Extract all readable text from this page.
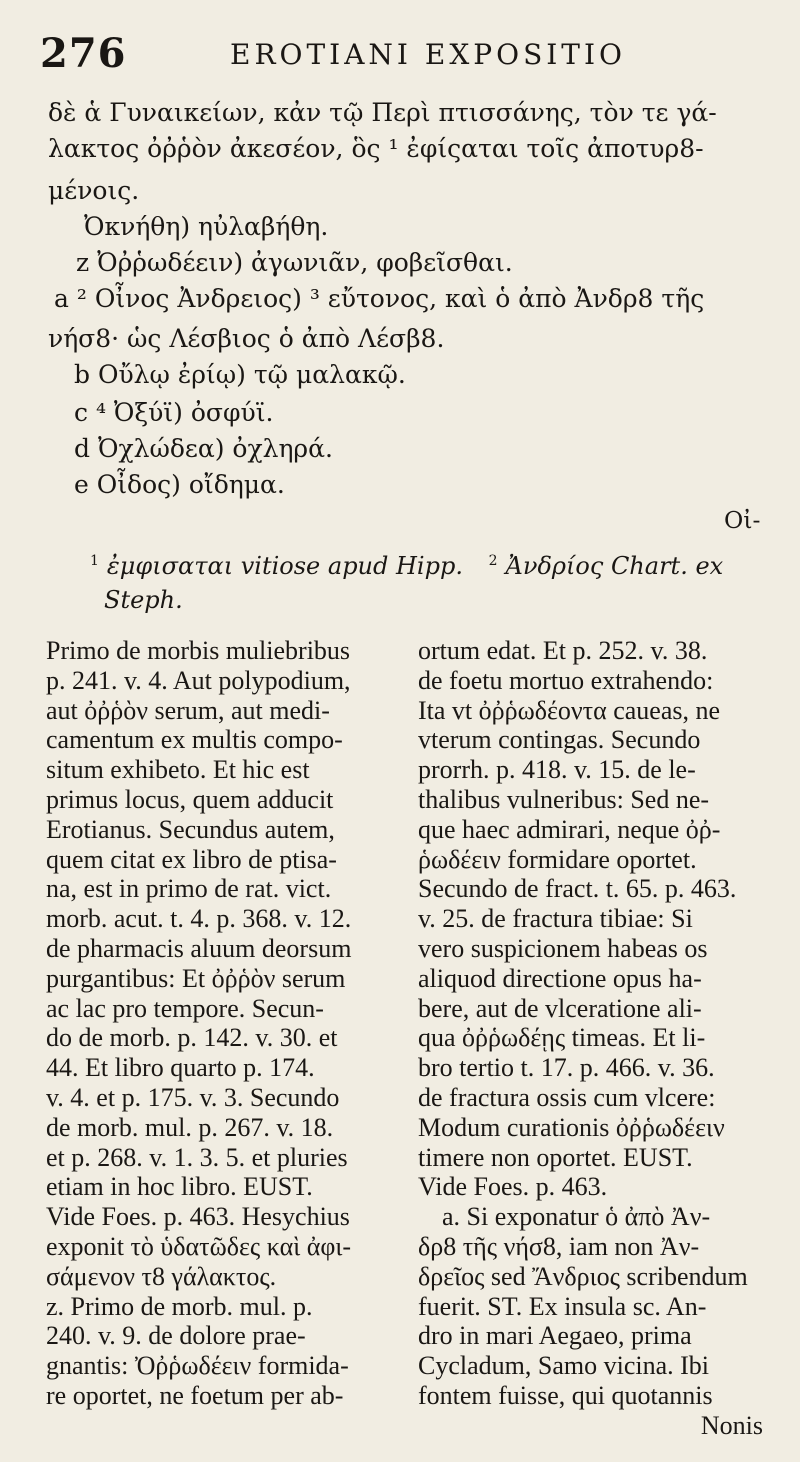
276	EROTIANI EXPOSITIO
δὲ ἁ Γυναικείων, κἀν τῷ Περὶ πτισσάνης, τὸν τε γά-
λακτος ὀῤῥὸν ἀκεσέον, ὃς ¹ ἐφίςαται τοῖς ἀποτυρ8-
μένοις.
Ὀκνήθη) ηὐλαβήθη.
z Ὀῤῥωδέειν) ἀγωνιᾶν, φοβεῖσθαι.
a ² Οἶνος Ἀνδρειος) ³ εὔτονος, καὶ ὁ ἀπὸ Ἀνδρ8 τῆς
νήσ8· ὡς Λέσβιος ὁ ἀπὸ Λέσβ8.
b Οὔλῳ ἐρίῳ) τῷ μαλακῷ.
c ⁴ Ὀξύϊ) ὀσφύϊ.
d Ὀχλώδεα) ὀχληρά.
e Οἶδος) οἴδημα.
Οἰ-
$^1$ ἐμφισαται vitiose apud Hipp. $^2$ Ἀνδρίος Chart. ex
Steph.
Primo de morbis muliebribus
p. 241. v. 4. Aut polypodium,
aut ὀῤῥὸν serum, aut medi-
camentum ex multis compo-
situm exhibeto. Et hic est
primus locus, quem adducit
Erotianus. Secundus autem,
quem citat ex libro de ptisa-
na, est in primo de rat. vict.
morb. acut. t. 4. p. 368. v. 12.
de pharmacis aluum deorsum
purgantibus: Et ὀῤῥὸν serum
ac lac pro tempore. Secun-
do de morb. p. 142. v. 30. et
44. Et libro quarto p. 174.
v. 4. et p. 175. v. 3. Secundo
de morb. mul. p. 267. v. 18.
et p. 268. v. 1. 3. 5. et pluries
etiam in hoc libro. EUST.
Vide Foes. p. 463. Hesychius
exponit τὸ ὑδατῶδες καὶ ἀφι-
σάμενον τ8 γάλακτος.
z. Primo de morb. mul. p.
240. v. 9. de dolore prae-
gnantis: Ὀῤῥωδέειν formida-
re oportet, ne foetum per ab-
ortum edat. Et p. 252. v. 38.
de foetu mortuo extrahendo:
Ita vt ὀῤῥωδέοντα caueas, ne
vterum contingas. Secundo
prorrh. p. 418. v. 15. de le-
thalibus vulneribus: Sed ne-
que haec admirari, neque ὀῤ-
ῥωδέειν formidare oportet.
Secundo de fract. t. 65. p. 463.
v. 25. de fractura tibiae: Si
vero suspicionem habeas os
aliquod directione opus ha-
bere, aut de vlceratione ali-
qua ὀῤῥωδέῃς timeas. Et li-
bro tertio t. 17. p. 466. v. 36.
de fractura ossis cum vlcere:
Modum curationis ὀῤῥωδέειν
timere non oportet. EUST.
Vide Foes. p. 463.
a. Si exponatur ὁ ἀπὸ Ἀν-
δρ8 τῆς νήσ8, iam non Ἀν-
δρεῖος sed Ἄνδριος scribendum
fuerit. ST. Ex insula sc. An-
dro in mari Aegaeo, prima
Cycladum, Samo vicina. Ibi
fontem fuisse, qui quotannis
Nonis
